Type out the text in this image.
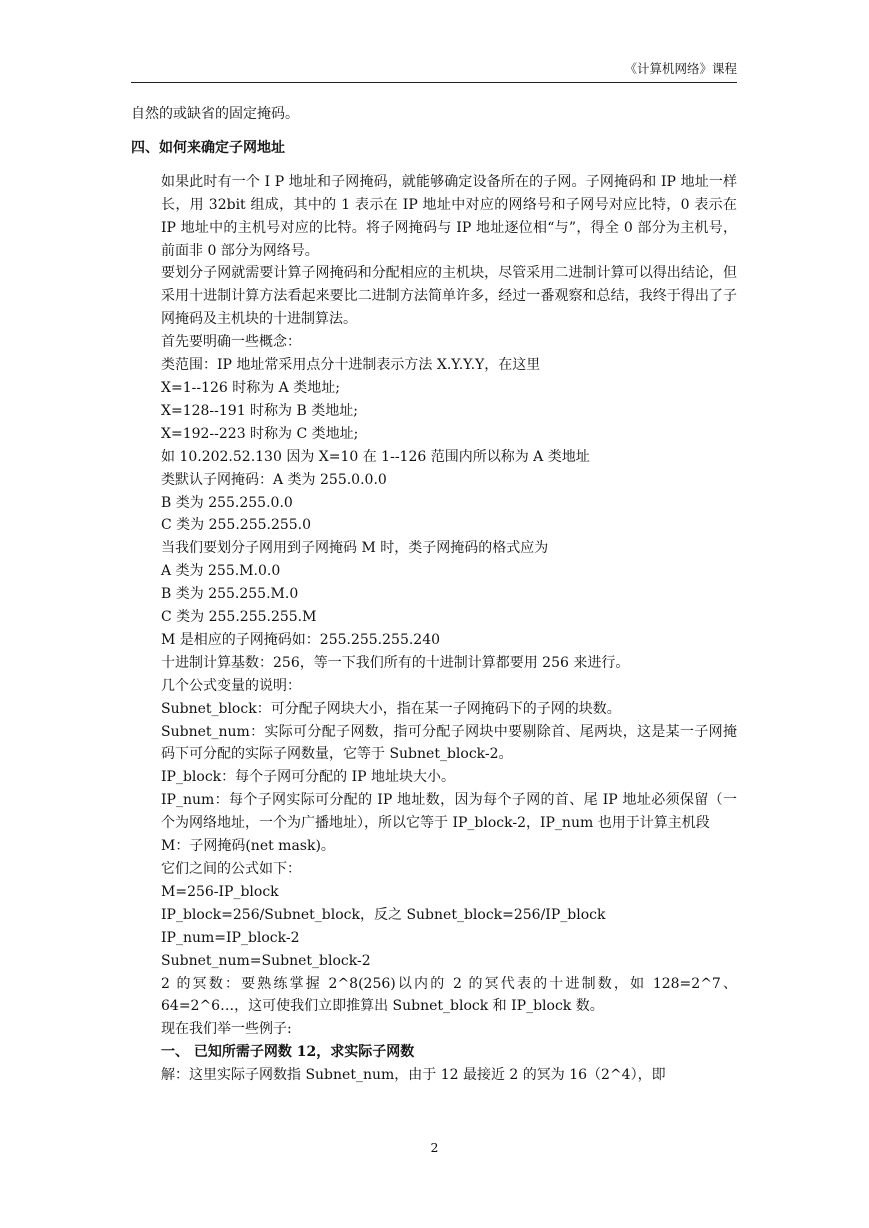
《计算机网络》课程

自然的或缺省的固定掩码。

四、如何来确定子网地址

如果此时有一个 I P 地址和子网掩码，就能够确定设备所在的子网。子网掩码和 IP 地址一样长，用 32bit 组成，其中的 1 表示在 IP 地址中对应的网络号和子网号对应比特，0 表示在 IP 地址中的主机号对应的比特。将子网掩码与 IP 地址逐位相“与”，得全 0 部分为主机号，前面非 0 部分为网络号。

要划分子网就需要计算子网掩码和分配相应的主机块，尽管采用二进制计算可以得出结论，但采用十进制计算方法看起来要比二进制方法简单许多，经过一番观察和总结，我终于得出了子网掩码及主机块的十进制算法。

首先要明确一些概念：

类范围：IP 地址常采用点分十进制表示方法 X.Y.Y.Y，在这里

X=1--126 时称为 A 类地址;

X=128--191 时称为 B 类地址;

X=192--223 时称为 C 类地址;

如 10.202.52.130 因为 X=10 在 1--126 范围内所以称为 A 类地址

类默认子网掩码：A 类为 255.0.0.0

B 类为 255.255.0.0

C 类为 255.255.255.0

当我们要划分子网用到子网掩码 M 时，类子网掩码的格式应为

A 类为 255.M.0.0

B 类为 255.255.M.0

C 类为 255.255.255.M

M 是相应的子网掩码如：255.255.255.240

十进制计算基数：256，等一下我们所有的十进制计算都要用 256 来进行。

几个公式变量的说明：

Subnet_block：可分配子网块大小，指在某一子网掩码下的子网的块数。

Subnet_num：实际可分配子网数，指可分配子网块中要剔除首、尾两块，这是某一子网掩码下可分配的实际子网数量，它等于 Subnet_block-2。

IP_block：每个子网可分配的 IP 地址块大小。

IP_num：每个子网实际可分配的 IP 地址数，因为每个子网的首、尾 IP 地址必须保留（一个为网络地址，一个为广播地址），所以它等于 IP_block-2，IP_num 也用于计算主机段

M：子网掩码(net mask)。

它们之间的公式如下：

M=256-IP_block

IP_block=256/Subnet_block，反之 Subnet_block=256/IP_block

IP_num=IP_block-2

Subnet_num=Subnet_block-2

2 的冥数：要熟练掌握 2^8(256)以内的 2 的冥代表的十进制数，如 128=2^7、64=2^6…，这可使我们立即推算出 Subnet_block 和 IP_block 数。

现在我们举一些例子:

一、 已知所需子网数 12，求实际子网数

解：这里实际子网数指 Subnet_num，由于 12 最接近 2 的冥为 16（2^4），即

2
